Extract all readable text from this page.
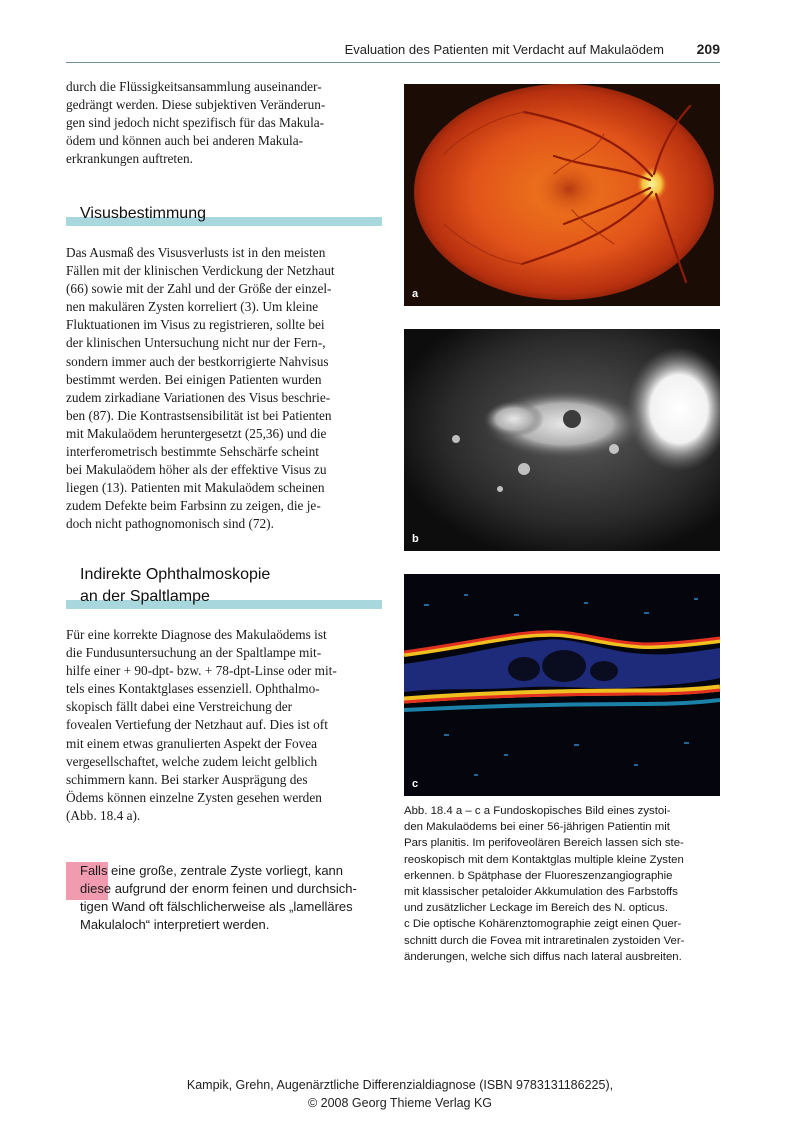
Evaluation des Patienten mit Verdacht auf Makulaödem 209

durch die Flüssigkeitsansammlung auseinander-

gedrängt werden. Diese subjektiven Veränderun-

gen sind jedoch nicht spezifisch für das Makula-

ödem und können auch bei anderen Makula-

erkrankungen auftreten.

Visusbestimmung

Das Ausmaß des Visusverlusts ist in den meisten

Fällen mit der klinischen Verdickung der Netzhaut

(66) sowie mit der Zahl und der Größe der einzel-

nen makulären Zysten korreliert (3). Um kleine

Fluktuationen im Visus zu registrieren, sollte bei

der klinischen Untersuchung nicht nur der Fern-,

sondern immer auch der bestkorrigierte Nahvisus

bestimmt werden. Bei einigen Patienten wurden

zudem zirkadiane Variationen des Visus beschrie-

ben (87). Die Kontrastsensibilität ist bei Patienten

mit Makulaödem heruntergesetzt (25,36) und die

interferometrisch bestimmte Sehschärfe scheint

bei Makulaödem höher als der effektive Visus zu

liegen (13). Patienten mit Makulaödem scheinen

zudem Defekte beim Farbsinn zu zeigen, die je-

doch nicht pathognomonisch sind (72).

Indirekte Ophthalmoskopie
an der Spaltlampe

Für eine korrekte Diagnose des Makulaödems ist

die Fundusuntersuchung an der Spaltlampe mit-

hilfe einer + 90-dpt- bzw. + 78-dpt-Linse oder mit-

tels eines Kontaktglases essenziell. Ophthalmo-

skopisch fällt dabei eine Verstreichung der

fovealen Vertiefung der Netzhaut auf. Dies ist oft

mit einem etwas granulierten Aspekt der Fovea

vergesellschaftet, welche zudem leicht gelblich

schimmern kann. Bei starker Ausprägung des

Ödems können einzelne Zysten gesehen werden

(Abb. 18.4 a).

Falls eine große, zentrale Zyste vorliegt, kann

diese aufgrund der enorm feinen und durchsich-

tigen Wand oft fälschlicherweise als „lamelläres

Makulaloch“ interpretiert werden.

a
b
c
Abb. 18.4 a – c a Fundoskopisches Bild eines zystoi-
den Makulaödems bei einer 56-jährigen Patientin mit
Pars planitis. Im perifoveolären Bereich lassen sich ste-
reoskopisch mit dem Kontaktglas multiple kleine Zysten
erkennen. b Spätphase der Fluoreszenzangiographie
mit klassischer petaloider Akkumulation des Farbstoffs
und zusätzlicher Leckage im Bereich des N. opticus.
c Die optische Kohärenztomographie zeigt einen Quer-
schnitt durch die Fovea mit intraretinalen zystoiden Ver-
änderungen, welche sich diffus nach lateral ausbreiten.
Kampik, Grehn, Augenärztliche Differenzialdiagnose (ISBN 9783131186225),
© 2008 Georg Thieme Verlag KG
